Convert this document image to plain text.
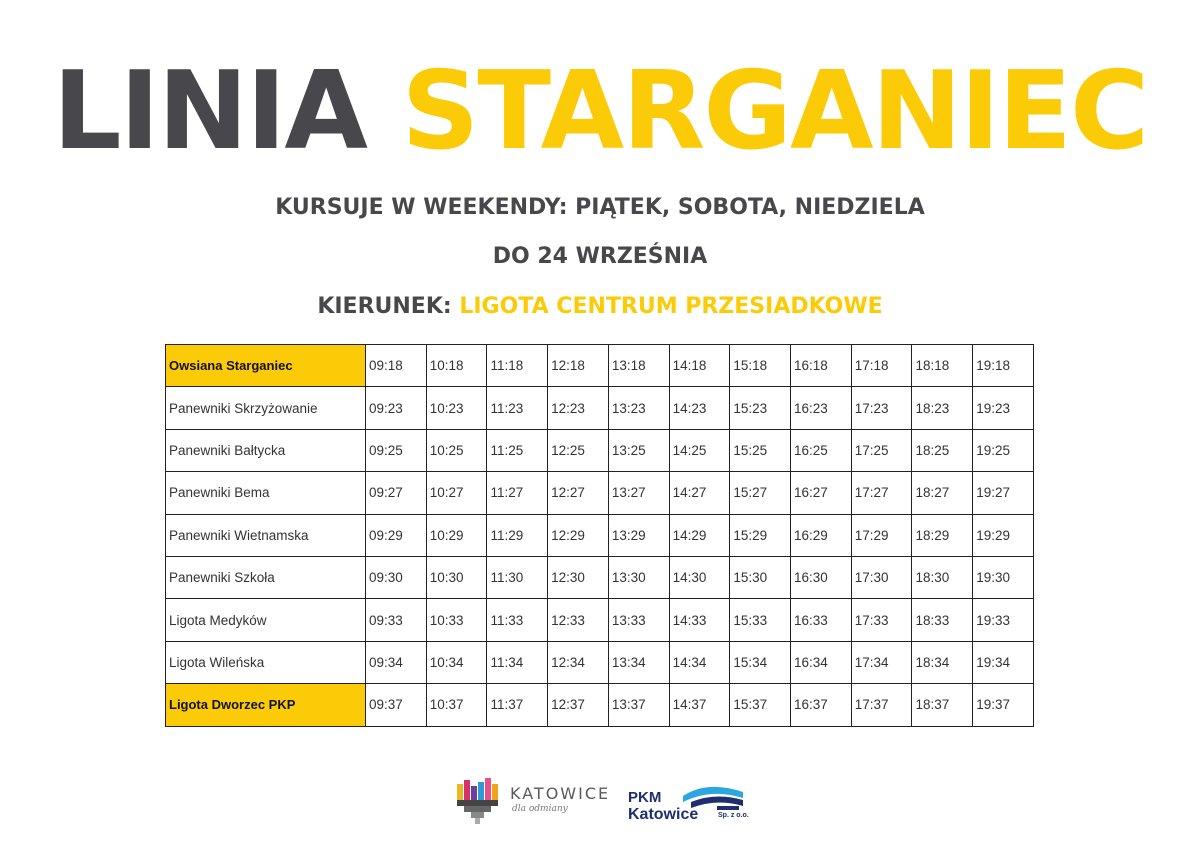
LINIA STARGANIEC
KURSUJE W WEEKENDY: PIĄTEK, SOBOTA, NIEDZIELA
DO 24 WRZEŚNIA
KIERUNEK: LIGOTA CENTRUM PRZESIADKOWE
Owsiana Starganiec	09:18	10:18	11:18	12:18	13:18	14:18	15:18	16:18	17:18	18:18	19:18
Panewniki Skrzyżowanie	09:23	10:23	11:23	12:23	13:23	14:23	15:23	16:23	17:23	18:23	19:23
Panewniki Bałtycka	09:25	10:25	11:25	12:25	13:25	14:25	15:25	16:25	17:25	18:25	19:25
Panewniki Bema	09:27	10:27	11:27	12:27	13:27	14:27	15:27	16:27	17:27	18:27	19:27
Panewniki Wietnamska	09:29	10:29	11:29	12:29	13:29	14:29	15:29	16:29	17:29	18:29	19:29
Panewniki Szkoła	09:30	10:30	11:30	12:30	13:30	14:30	15:30	16:30	17:30	18:30	19:30
Ligota Medyków	09:33	10:33	11:33	12:33	13:33	14:33	15:33	16:33	17:33	18:33	19:33
Ligota Wileńska	09:34	10:34	11:34	12:34	13:34	14:34	15:34	16:34	17:34	18:34	19:34
Ligota Dworzec PKP	09:37	10:37	11:37	12:37	13:37	14:37	15:37	16:37	17:37	18:37	19:37
KATOWICE
dla odmiany
PKM
Katowice	Sp. z o.o.
